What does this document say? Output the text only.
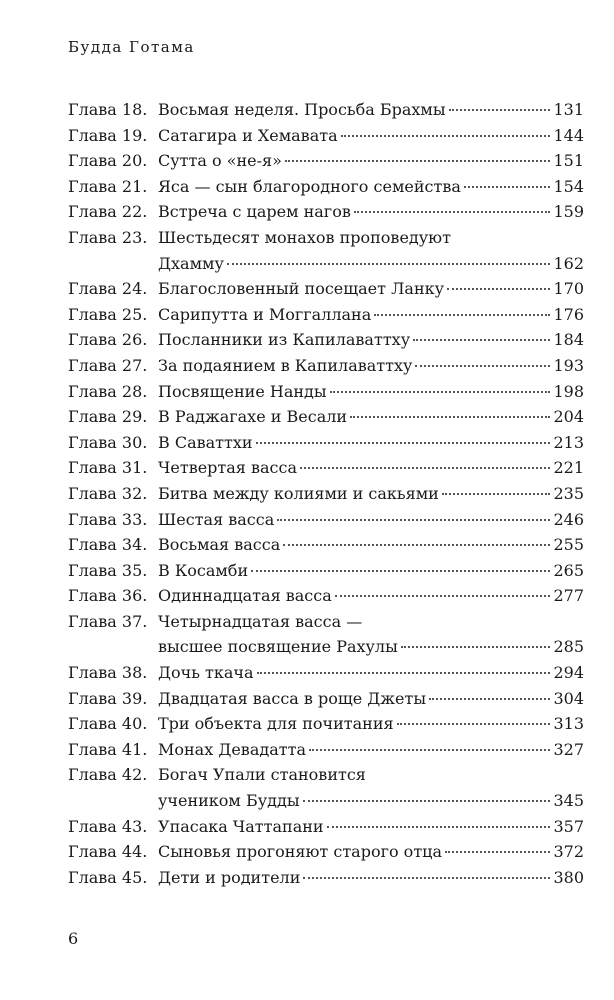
Будда Готама
Глава 18. Восьмая неделя. Просьба Брахмы	131
Глава 19. Сатагира и Хемавата	144
Глава 20. Сутта о «не-я»	151
Глава 21. Яса — сын благородного семейства	154
Глава 22. Встреча с царем нагов	159
Глава 23. Шестьдесят монахов проповедуют
Дхамму	162
Глава 24. Благословенный посещает Ланку	170
Глава 25. Сарипутта и Моггаллана	176
Глава 26. Посланники из Капилаваттху	184
Глава 27. За подаянием в Капилаваттху	193
Глава 28. Посвящение Нанды	198
Глава 29. В Раджагахе и Весали	204
Глава 30. В Саваттхи	213
Глава 31. Четвертая васса	221
Глава 32. Битва между колиями и сакьями	235
Глава 33. Шестая васса	246
Глава 34. Восьмая васса	255
Глава 35. В Косамби	265
Глава 36. Одиннадцатая васса	277
Глава 37. Четырнадцатая васса —
высшее посвящение Рахулы	285
Глава 38. Дочь ткача	294
Глава 39. Двадцатая васса в роще Джеты	304
Глава 40. Три объекта для почитания	313
Глава 41. Монах Девадатта	327
Глава 42. Богач Упали становится
учеником Будды	345
Глава 43. Упасака Чаттапани	357
Глава 44. Сыновья прогоняют старого отца	372
Глава 45. Дети и родители	380
6
